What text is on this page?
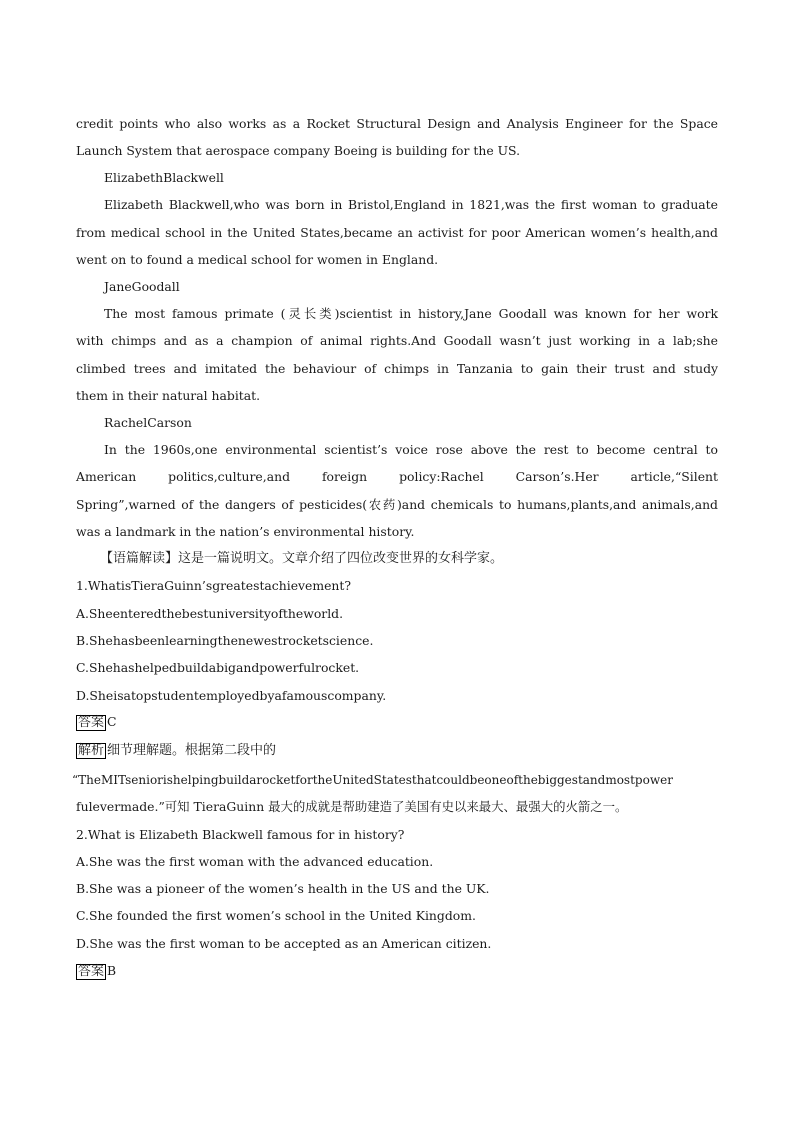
credit points who also works as a Rocket Structural Design and Analysis Engineer for the Space
Launch System that aerospace company Boeing is building for the US.
ElizabethBlackwell
Elizabeth Blackwell,who was born in Bristol,England in 1821,was the first woman to graduate
from medical school in the United States,became an activist for poor American women’s health,and
went on to found a medical school for women in England.
JaneGoodall
The most famous primate (灵长类)scientist in history,Jane Goodall was known for her work
with chimps and as a champion of animal rights.And Goodall wasn’t just working in a lab;she
climbed trees and imitated the behaviour of chimps in Tanzania to gain their trust and study
them in their natural habitat.
RachelCarson
In the 1960s,one environmental scientist’s voice rose above the rest to become central to
American politics,culture,and foreign policy:Rachel Carson’s.Her article,“Silent
Spring”,warned of the dangers of pesticides(农药)and chemicals to humans,plants,and animals,and
was a landmark in the nation’s environmental history.
【语篇解读】这是一篇说明文。文章介绍了四位改变世界的女科学家。
1.WhatisTieraGuinn’sgreatestachievement?
A.Sheenteredthebestuniversityoftheworld.
B.Shehasbeenlearningthenewestrocketscience.
C.Shehashelpedbuildabigandpowerfulrocket.
D.Sheisatopstudentemployedbyafamouscompany.
答案 C
解析 细节理解题。根据第二段中的
“TheMITseniorishelpingbuildarocketfortheUnitedStatesthatcouldbeoneofthebiggestandmostpower
fulevermade.”可知 TieraGuinn 最大的成就是帮助建造了美国有史以来最大、最强大的火箭之一。
2.What is Elizabeth Blackwell famous for in history?
A.She was the first woman with the advanced education.
B.She was a pioneer of the women’s health in the US and the UK.
C.She founded the first women’s school in the United Kingdom.
D.She was the first woman to be accepted as an American citizen.
答案 B
